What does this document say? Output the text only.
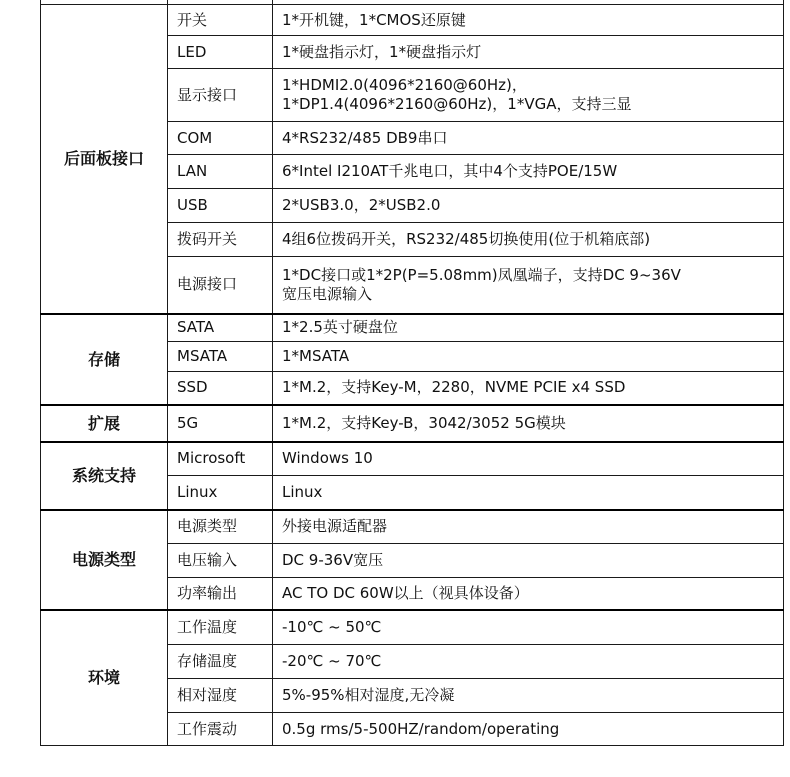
后面板接口	开关	1*开机键，1*CMOS还原键
	LED	1*硬盘指示灯，1*硬盘指示灯
	显示接口	1*HDMI2.0(4096*2160@60Hz)，
1*DP1.4(4096*2160@60Hz)，1*VGA，支持三显

	COM	4*RS232/485 DB9串口
	LAN	6*Intel I210AT千兆电口，其中4个支持POE/15W
	USB	2*USB3.0，2*USB2.0
	拨码开关	4组6位拨码开关，RS232/485切换使用(位于机箱底部)
	电源接口	1*DC接口或1*2P(P=5.08mm)凤凰端子，支持DC 9~36V
宽压电源输入

存储	SATA	1*2.5英寸硬盘位
	MSATA	1*MSATA
	SSD	1*M.2，支持Key-M，2280，NVME PCIE x4 SSD
扩展	5G	1*M.2，支持Key-B，3042/3052 5G模块
系统支持	Microsoft	Windows 10
	Linux	Linux
电源类型	电源类型	外接电源适配器
	电压输入	DC 9-36V宽压
	功率输出	AC TO DC 60W以上（视具体设备）
环境	工作温度	-10℃ ~ 50℃
	存储温度	-20℃ ~ 70℃
	相对湿度	5%-95%相对湿度,无冷凝
	工作震动	0.5g rms/5-500HZ/random/operating
